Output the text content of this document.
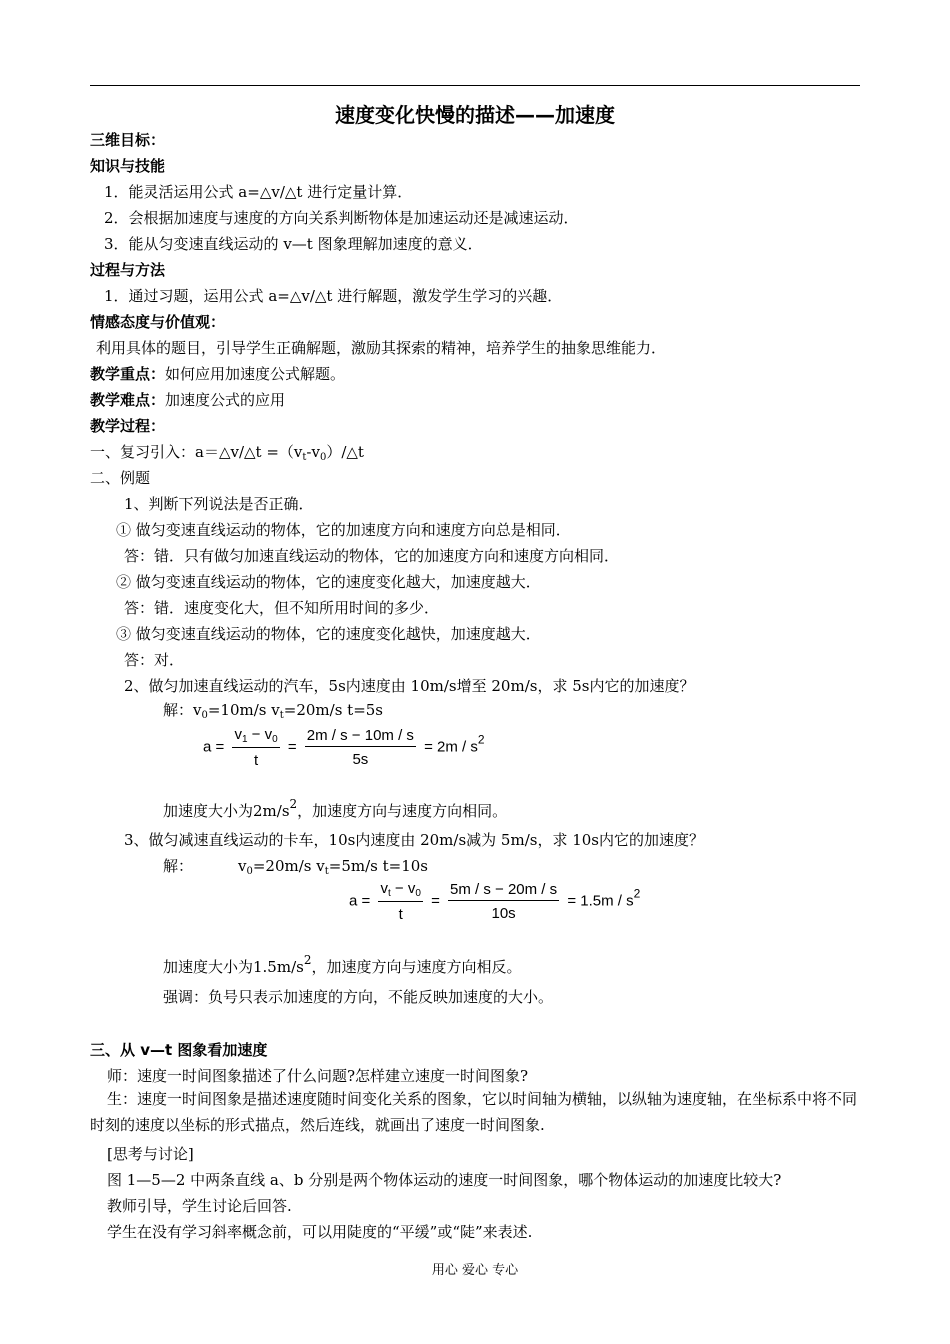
速度变化快慢的描述——加速度
三维目标：
知识与技能
1．能灵活运用公式 a=△v/△t 进行定量计算．
2．会根据加速度与速度的方向关系判断物体是加速运动还是减速运动．
3．能从匀变速直线运动的 v—t 图象理解加速度的意义．
过程与方法
1．通过习题，运用公式 a=△v/△t 进行解题，激发学生学习的兴趣．
情感态度与价值观：
利用具体的题目，引导学生正确解题，激励其探索的精神，培养学生的抽象思维能力．
教学重点：如何应用加速度公式解题。
教学难点：加速度公式的应用
教学过程：
一、复习引入：a＝△v/△t $=(v_t-v_0)/\triangle t$
二、例题
1、判断下列说法是否正确．
① 做匀变速直线运动的物体，它的加速度方向和速度方向总是相同．
答：错．只有做匀加速直线运动的物体，它的加速度方向和速度方向相同．
② 做匀变速直线运动的物体，它的速度变化越大，加速度越大．
答：错．速度变化大，但不知所用时间的多少．
③ 做匀变速直线运动的物体，它的速度变化越快，加速度越大．
答：对．
2、做匀加速直线运动的汽车，5s内速度由 10m/s增至 20m/s，求 5s内它的加速度？
解：$v_0=10m/s$ $v_t=20m/s$ t=5s
$a = \frac{v_1 - v_0}{t} = \frac{2m / s - 10m / s}{5s} = 2m / s^2$
加速度大小为$2m/s^2$，加速度方向与速度方向相同。
3、做匀减速直线运动的卡车，10s内速度由 20m/s减为 5m/s，求 10s内它的加速度？
解：	$v_0=20m/s$ $v_t=5m/s$ t=10s
$a = \frac{v_t - v_0}{t} = \frac{5m / s - 20m / s}{10s} = 1.5m / s^2$
加速度大小为$1.5m/s^2$，加速度方向与速度方向相反。
强调：负号只表示加速度的方向，不能反映加速度的大小。
三、从 v—t 图象看加速度
师：速度一时间图象描述了什么问题?怎样建立速度一时间图象?
生：速度一时间图象是描述速度随时间变化关系的图象，它以时间轴为横轴，以纵轴为速度轴，在坐标系中将不同时刻的速度以坐标的形式描点，然后连线，就画出了速度一时间图象.
[思考与讨论]
图 1—5—2 中两条直线 a、b 分别是两个物体运动的速度一时间图象，哪个物体运动的加速度比较大?
教师引导，学生讨论后回答.
学生在没有学习斜率概念前，可以用陡度的“平缓”或“陡”来表述.
用心 爱心 专心
